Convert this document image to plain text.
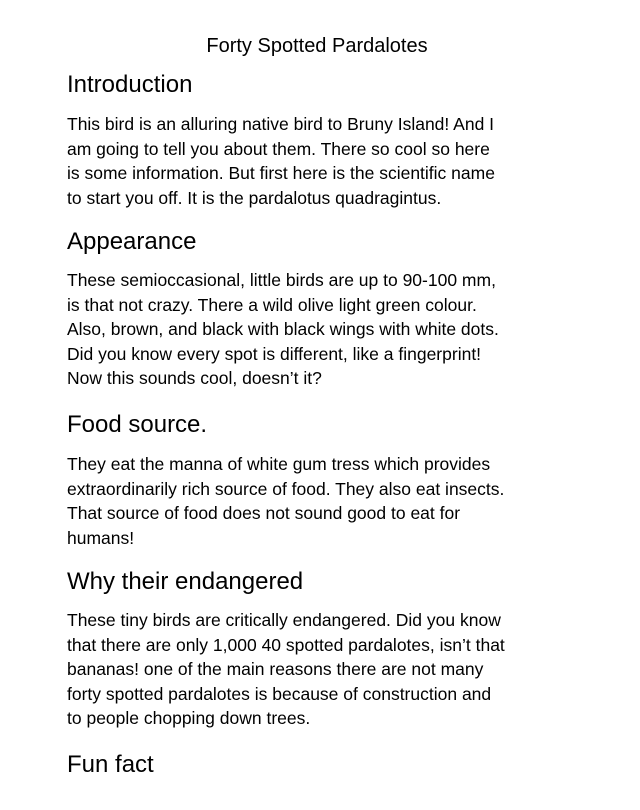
Forty Spotted Pardalotes
Introduction
This bird is an alluring native bird to Bruny Island! And I
am going to tell you about them. There so cool so here
is some information. But first here is the scientific name
to start you off. It is the pardalotus quadragintus.
Appearance
These semioccasional, little birds are up to 90-100 mm,
is that not crazy. There a wild olive light green colour.
Also, brown, and black with black wings with white dots.
Did you know every spot is different, like a fingerprint!
Now this sounds cool, doesn’t it?
Food source.
They eat the manna of white gum tress which provides
extraordinarily rich source of food. They also eat insects.
That source of food does not sound good to eat for
humans!
Why their endangered
These tiny birds are critically endangered. Did you know
that there are only 1,000 40 spotted pardalotes, isn’t that
bananas! one of the main reasons there are not many
forty spotted pardalotes is because of construction and
to people chopping down trees.
Fun fact
